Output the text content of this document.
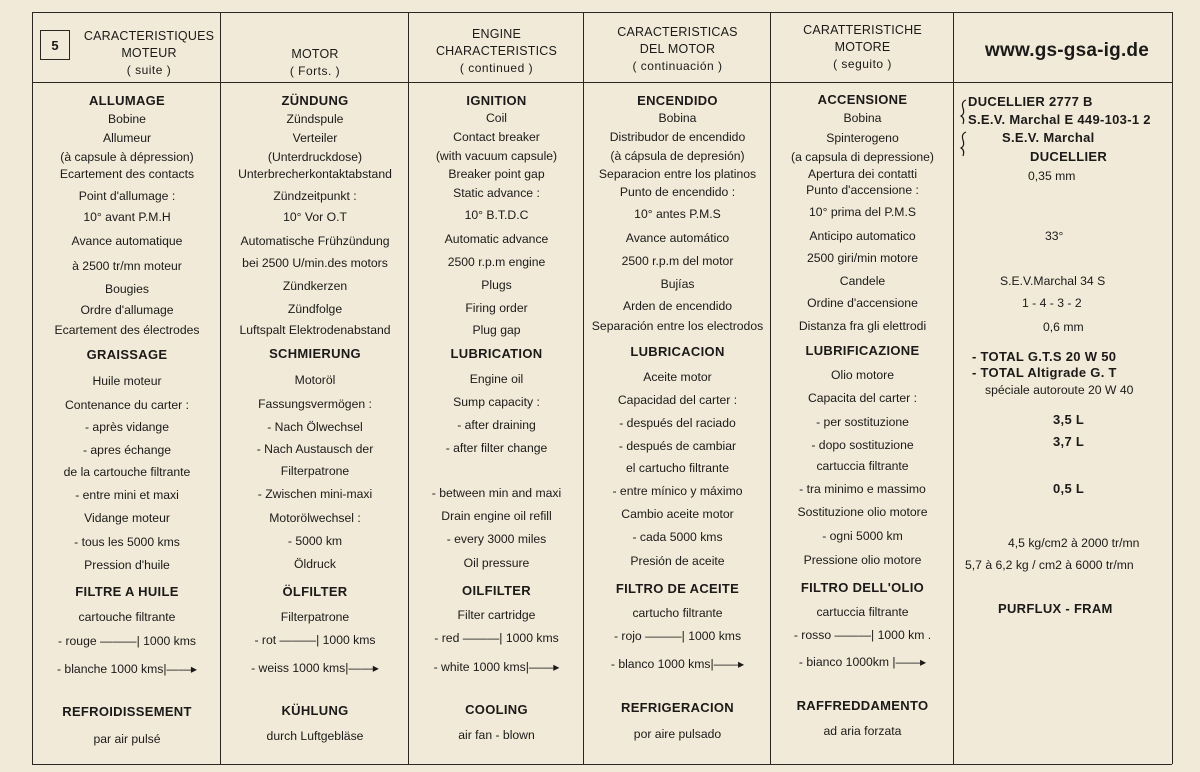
5
CARACTERISTIQUES
MOTEUR
( suite )
MOTOR
( Forts. )
ENGINE
CHARACTERISTICS
( continued )
CARACTERISTICAS
DEL MOTOR
( continuación )
CARATTERISTICHE
MOTORE
( seguito )
www.gs-gsa-ig.de
ALLUMAGE
Bobine
Allumeur
(à capsule à dépression)
Ecartement des contacts
Point d'allumage :
10° avant P.M.H
Avance automatique
à 2500 tr/mn moteur
Bougies
Ordre d'allumage
Ecartement des électrodes
GRAISSAGE
Huile moteur
Contenance du carter :
- après vidange
- apres échange
de la cartouche filtrante
- entre mini et maxi
Vidange moteur
- tous les 5000 kms
Pression d'huile
FILTRE A HUILE
cartouche filtrante
- rouge ———| 1000 kms
- blanche 1000 kms|——▸
REFROIDISSEMENT
par air pulsé
ZÜNDUNG
Zündspule
Verteiler
(Unterdruckdose)
Unterbrecherkontaktabstand
Zündzeitpunkt :
10° Vor O.T
Automatische Frühzündung
bei 2500 U/min.des motors
Zündkerzen
Zündfolge
Luftspalt Elektrodenabstand
SCHMIERUNG
Motoröl
Fassungsvermögen :
- Nach Ölwechsel
- Nach Austausch der
Filterpatrone
- Zwischen mini-maxi
Motorölwechsel :
- 5000 km
Öldruck
ÖLFILTER
Filterpatrone
- rot ———| 1000 kms
- weiss 1000 kms|——▸
KÜHLUNG
durch Luftgebläse
IGNITION
Coil
Contact breaker
(with vacuum capsule)
Breaker point gap
Static advance :
10° B.T.D.C
Automatic advance
2500 r.p.m engine
Plugs
Firing order
Plug gap
LUBRICATION
Engine oil
Sump capacity :
- after draining
- after filter change
- between min and maxi
Drain engine oil refill
- every 3000 miles
Oil pressure
OILFILTER
Filter cartridge
- red ———| 1000 kms
- white 1000 kms|——▸
COOLING
air fan - blown
ENCENDIDO
Bobina
Distribudor de encendido
(à cápsula de depresión)
Separacion entre los platinos
Punto de encendido :
10° antes P.M.S
Avance automático
2500 r.p.m del motor
Bujías
Arden de encendido
Separación entre los electrodos
LUBRICACION
Aceite motor
Capacidad del carter :
- después del raciado
- después de cambiar
el cartucho filtrante
- entre mínico y máximo
Cambio aceite motor
- cada 5000 kms
Presión de aceite
FILTRO DE ACEITE
cartucho filtrante
- rojo ———| 1000 kms
- blanco 1000 kms|——▸
REFRIGERACION
por aire pulsado
ACCENSIONE
Bobina
Spinterogeno
(a capsula di depressione)
Apertura dei contatti
Punto d'accensione :
10° prima del P.M.S
Anticipo automatico
2500 giri/min motore
Candele
Ordine d'accensione
Distanza fra gli elettrodi
LUBRIFICAZIONE
Olio motore
Capacita del carter :
- per sostituzione
- dopo sostituzione
cartuccia filtrante
- tra minimo e massimo
Sostituzione olio motore
- ogni 5000 km
Pressione olio motore
FILTRO DELL'OLIO
cartuccia filtrante
- rosso ———| 1000 km .
- bianco 1000km |——▸
RAFFREDDAMENTO
ad aria forzata
DUCELLIER 2777 B
S.E.V. Marchal E 449-103-1 2
S.E.V. Marchal
DUCELLIER
0,35 mm
33°
S.E.V.Marchal 34 S
1 - 4 - 3 - 2
0,6 mm
- TOTAL G.T.S 20 W 50
- TOTAL Altigrade G. T
spéciale autoroute 20 W 40
3,5 L
3,7 L
0,5 L
4,5 kg/cm2 à 2000 tr/mn
5,7 à 6,2 kg / cm2 à 6000 tr/mn
PURFLUX - FRAM
